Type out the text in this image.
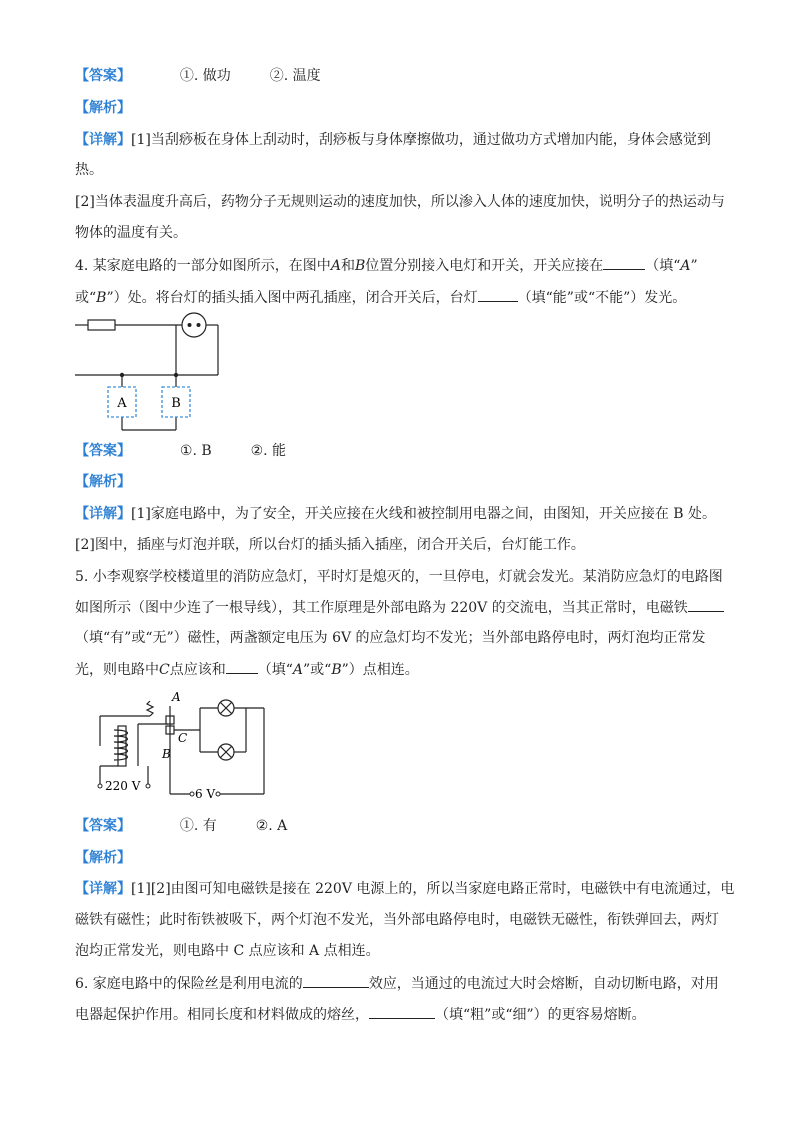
【答案】	①. 做功	②. 温度
【解析】
【详解】[1]当刮痧板在身体上刮动时，刮痧板与身体摩擦做功，通过做功方式增加内能，身体会感觉到
热。
[2]当体表温度升高后，药物分子无规则运动的速度加快，所以渗入人体的速度加快，说明分子的热运动与
物体的温度有关。
4. 某家庭电路的一部分如图所示，在图中A和B位置分别接入电灯和开关，开关应接在	（填“A”
或“B”）处。将台灯的插头插入图中两孔插座，闭合开关后，台灯	（填“能”或“不能”）发光。
A	B
【答案】	①. B	②. 能
【解析】
【详解】[1]家庭电路中，为了安全，开关应接在火线和被控制用电器之间，由图知，开关应接在 B 处。
[2]图中，插座与灯泡并联，所以台灯的插头插入插座，闭合开关后，台灯能工作。
5. 小李观察学校楼道里的消防应急灯，平时灯是熄灭的，一旦停电，灯就会发光。某消防应急灯的电路图
如图所示（图中少连了一根导线），其工作原理是外部电路为 220V 的交流电，当其正常时，电磁铁
（填“有”或“无”）磁性，两盏额定电压为 6V 的应急灯均不发光；当外部电路停电时，两灯泡均正常发
光，则电路中C点应该和 （填“A”或“B”）点相连。
A
C
B
220 V
6 V
【答案】	①. 有	②. A
【解析】
【详解】[1][2]由图可知电磁铁是接在 220V 电源上的，所以当家庭电路正常时，电磁铁中有电流通过，电
磁铁有磁性；此时衔铁被吸下，两个灯泡不发光，当外部电路停电时，电磁铁无磁性，衔铁弹回去，两灯
泡均正常发光，则电路中 C 点应该和 A 点相连。
6. 家庭电路中的保险丝是利用电流的	效应，当通过的电流过大时会熔断，自动切断电路，对用
电器起保护作用。相同长度和材料做成的熔丝，	（填“粗”或“细”）的更容易熔断。
